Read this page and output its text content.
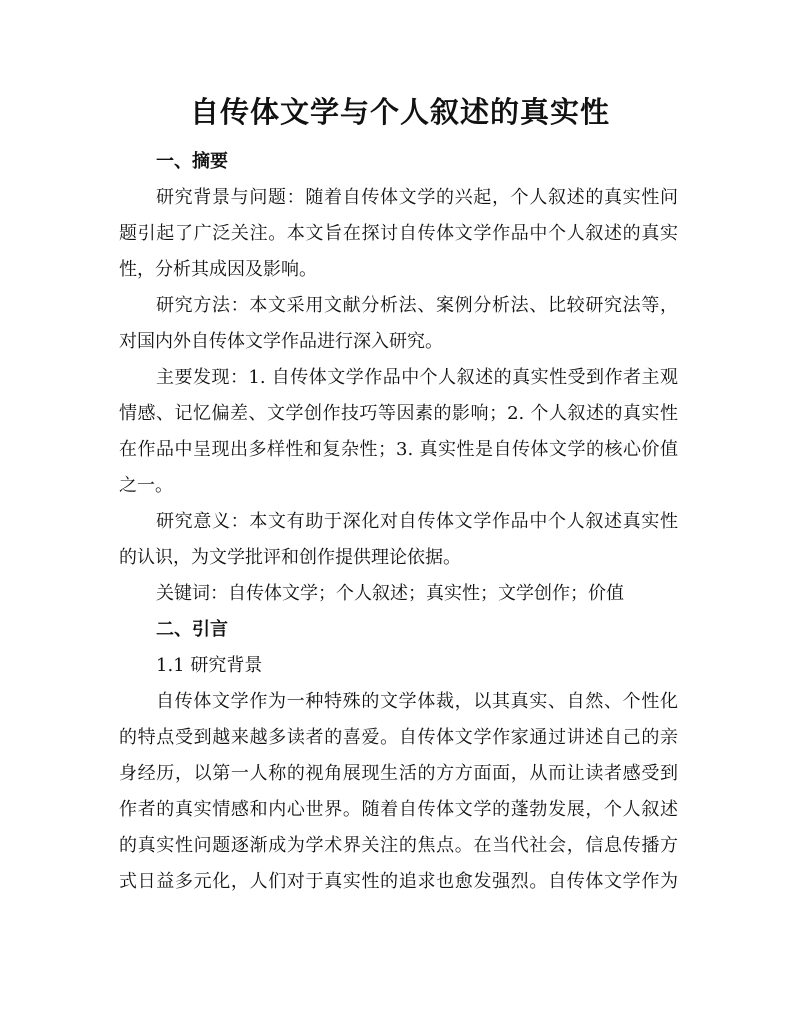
自传体文学与个人叙述的真实性
一、摘要
研究背景与问题：随着自传体文学的兴起，个人叙述的真实性问
题引起了广泛关注。本文旨在探讨自传体文学作品中个人叙述的真实
性，分析其成因及影响。
研究方法：本文采用文献分析法、案例分析法、比较研究法等，
对国内外自传体文学作品进行深入研究。
主要发现：1. 自传体文学作品中个人叙述的真实性受到作者主观
情感、记忆偏差、文学创作技巧等因素的影响；2. 个人叙述的真实性
在作品中呈现出多样性和复杂性；3. 真实性是自传体文学的核心价值
之一。
研究意义：本文有助于深化对自传体文学作品中个人叙述真实性
的认识，为文学批评和创作提供理论依据。
关键词：自传体文学；个人叙述；真实性；文学创作；价值
二、引言
1.1 研究背景
自传体文学作为一种特殊的文学体裁，以其真实、自然、个性化
的特点受到越来越多读者的喜爱。自传体文学作家通过讲述自己的亲
身经历，以第一人称的视角展现生活的方方面面，从而让读者感受到
作者的真实情感和内心世界。随着自传体文学的蓬勃发展，个人叙述
的真实性问题逐渐成为学术界关注的焦点。在当代社会，信息传播方
式日益多元化，人们对于真实性的追求也愈发强烈。自传体文学作为
